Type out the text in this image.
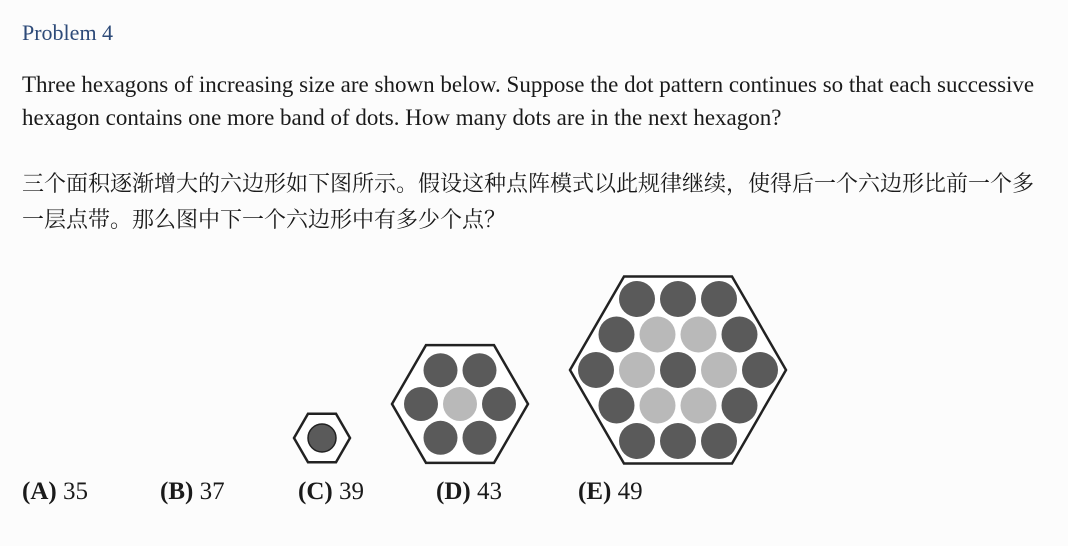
Problem 4

Three hexagons of increasing size are shown below. Suppose the dot pattern continues so that each successive hexagon contains one more band of dots. How many dots are in the next hexagon?

三个面积逐渐增大的六边形如下图所示。假设这种点阵模式以此规律继续，使得后一个六边形比前一个多一层点带。那么图中下一个六边形中有多少个点？

(A) 35	(B) 37	(C) 39	(D) 43	(E) 49
